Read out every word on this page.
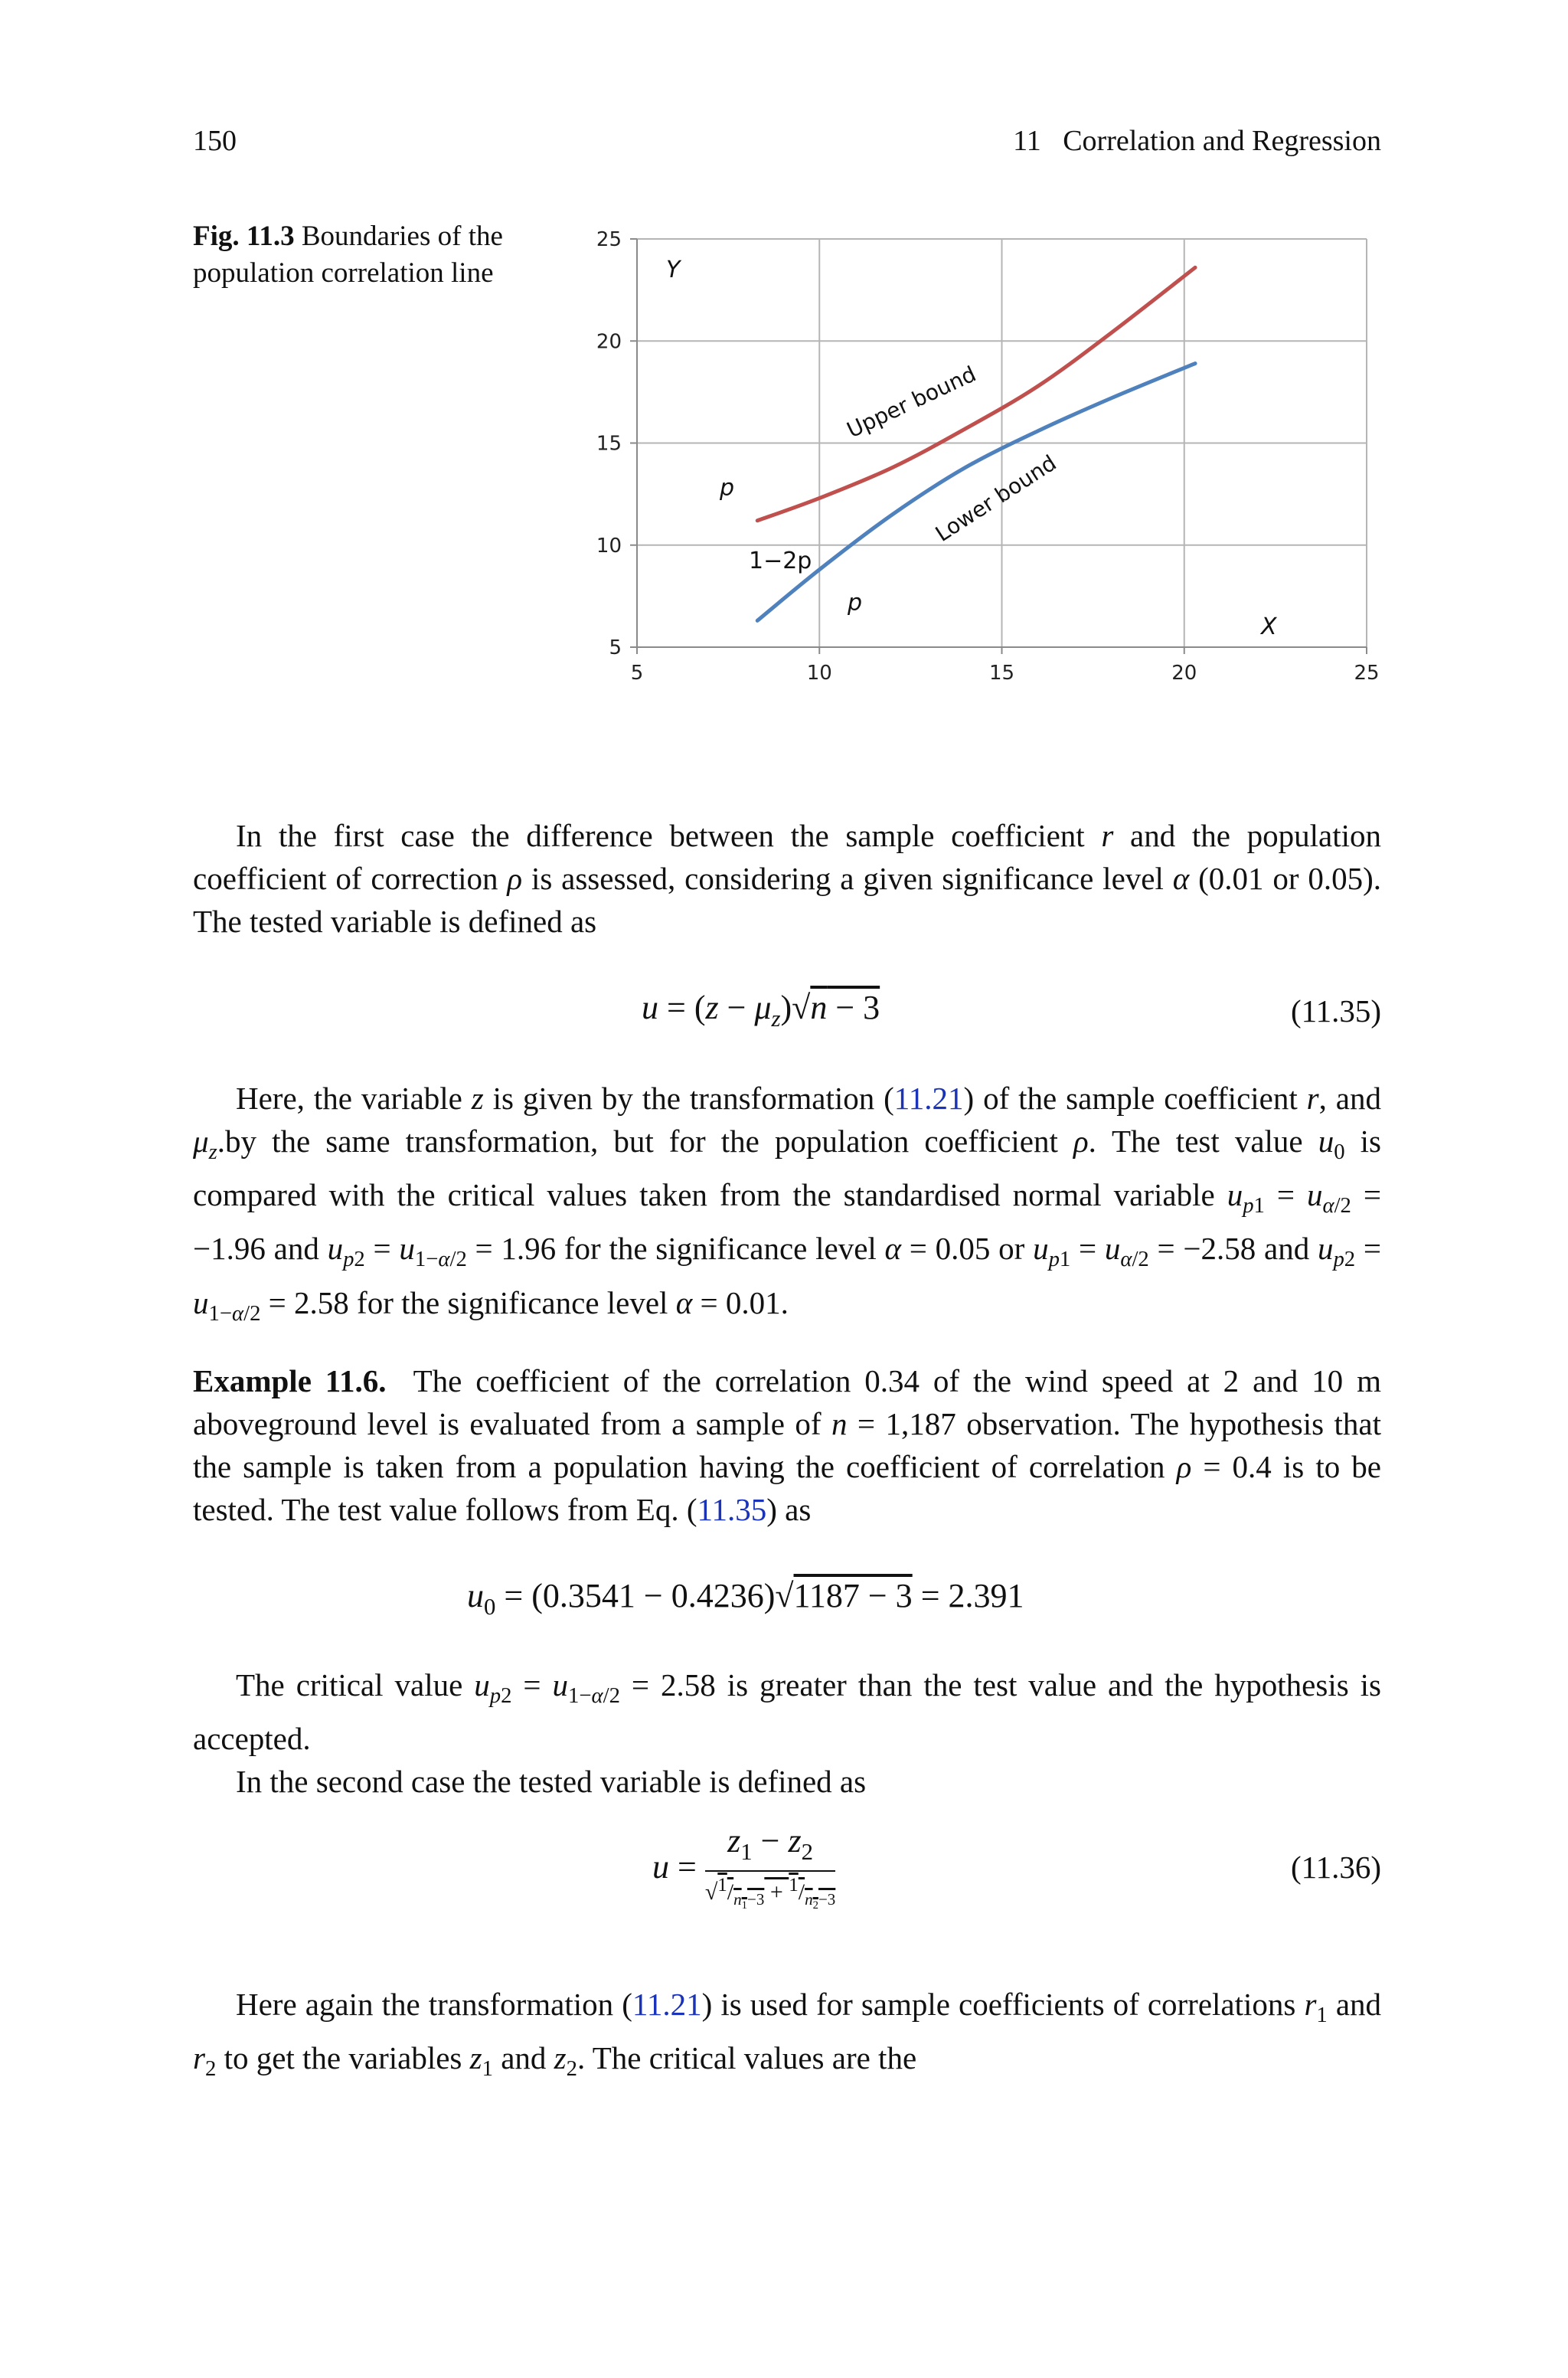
150	11   Correlation and Regression
Fig. 11.3 Boundaries of the population correlation line
5
10
15
20
25
5	10	15	20	25
Y
X
p
1−2p
p
Upper bound
Lower bound

In the first case the difference between the sample coefficient r and the population coefficient of correction ρ is assessed, considering a given significance level α (0.01 or 0.05). The tested variable is defined as

$u = (z - \mu_z)√n - 3$	(11.35)

Here, the variable z is given by the transformation (11.21) of the sample coefficient r, and $\mu_z.by$ the same transformation, but for the population coefficient ρ. The test value $u_0$ is compared with the critical values taken from the standardised normal variable $u_{p1} = u_{\alpha/2} = -1.96$ and $u_{p2} = u_{1-\alpha/2} = 1.96$ for the significance level α = 0.05 or $u_{p1} = u_{\alpha/2} = -2.58$ and $u_{p2} = u_{1-\alpha/2} = 2.58$ for the significance level α = 0.01.

Example 11.6.  The coefficient of the correlation 0.34 of the wind speed at 2 and 10 m aboveground level is evaluated from a sample of n = 1,187 observation. The hypothesis that the sample is taken from a population having the coefficient of correlation ρ = 0.4 is to be tested. The test value follows from Eq. (11.35) as

$u_0 = (0.3541 - 0.4236)√1187 - 3 = 2.391$

The critical value $u_{p2} = u_{1-\alpha/2} = 2.58$ is greater than the test value and the hypothesis is accepted.

In the second case the tested variable is defined as

$u = \frac{z_1 - z_2}{√^1/_{n_1-3} + ^1/_{n_2-3}}$	(11.36)

Here again the transformation (11.21) is used for sample coefficients of correlations $r_1$ and $r_2$ to get the variables $z_1$ and $z_2$. The critical values are the
